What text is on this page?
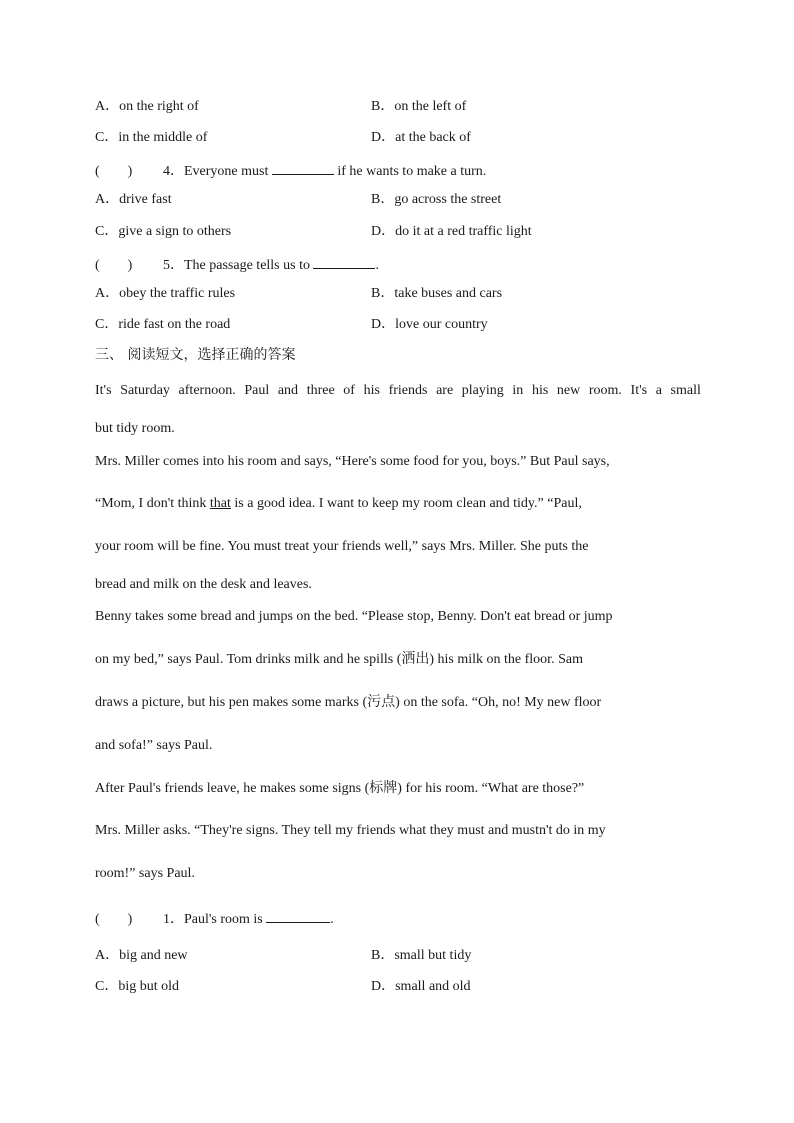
A．on the right of	B．on the left of
C．in the middle of	D．at the back of
(　　) 4．Everyone must	if he wants to make a turn.
A．drive fast	B．go across the street
C．give a sign to others	D．do it at a red traffic light
(　　) 5．The passage tells us to	.
A．obey the traffic rules	B．take buses and cars
C．ride fast on the road	D．love our country
三、 阅读短文，选择正确的答案
It's Saturday afternoon. Paul and three of his friends are playing in his new room. It's a small
but tidy room.
Mrs. Miller comes into his room and says, “Here's some food for you, boys.” But Paul says,
“Mom, I don't think that is a good idea. I want to keep my room clean and tidy.” “Paul,
your room will be fine. You must treat your friends well,” says Mrs. Miller. She puts the
bread and milk on the desk and leaves.
Benny takes some bread and jumps on the bed. “Please stop, Benny. Don't eat bread or jump
on my bed,” says Paul. Tom drinks milk and he spills (洒出) his milk on the floor. Sam
draws a picture, but his pen makes some marks (污点) on the sofa. “Oh, no! My new floor
and sofa!” says Paul.
After Paul's friends leave, he makes some signs (标牌) for his room. “What are those?”
Mrs. Miller asks. “They're signs. They tell my friends what they must and mustn't do in my
room!” says Paul.
(　　) 1．Paul's room is	.
A．big and new	B．small but tidy
C．big but old	D．small and old
